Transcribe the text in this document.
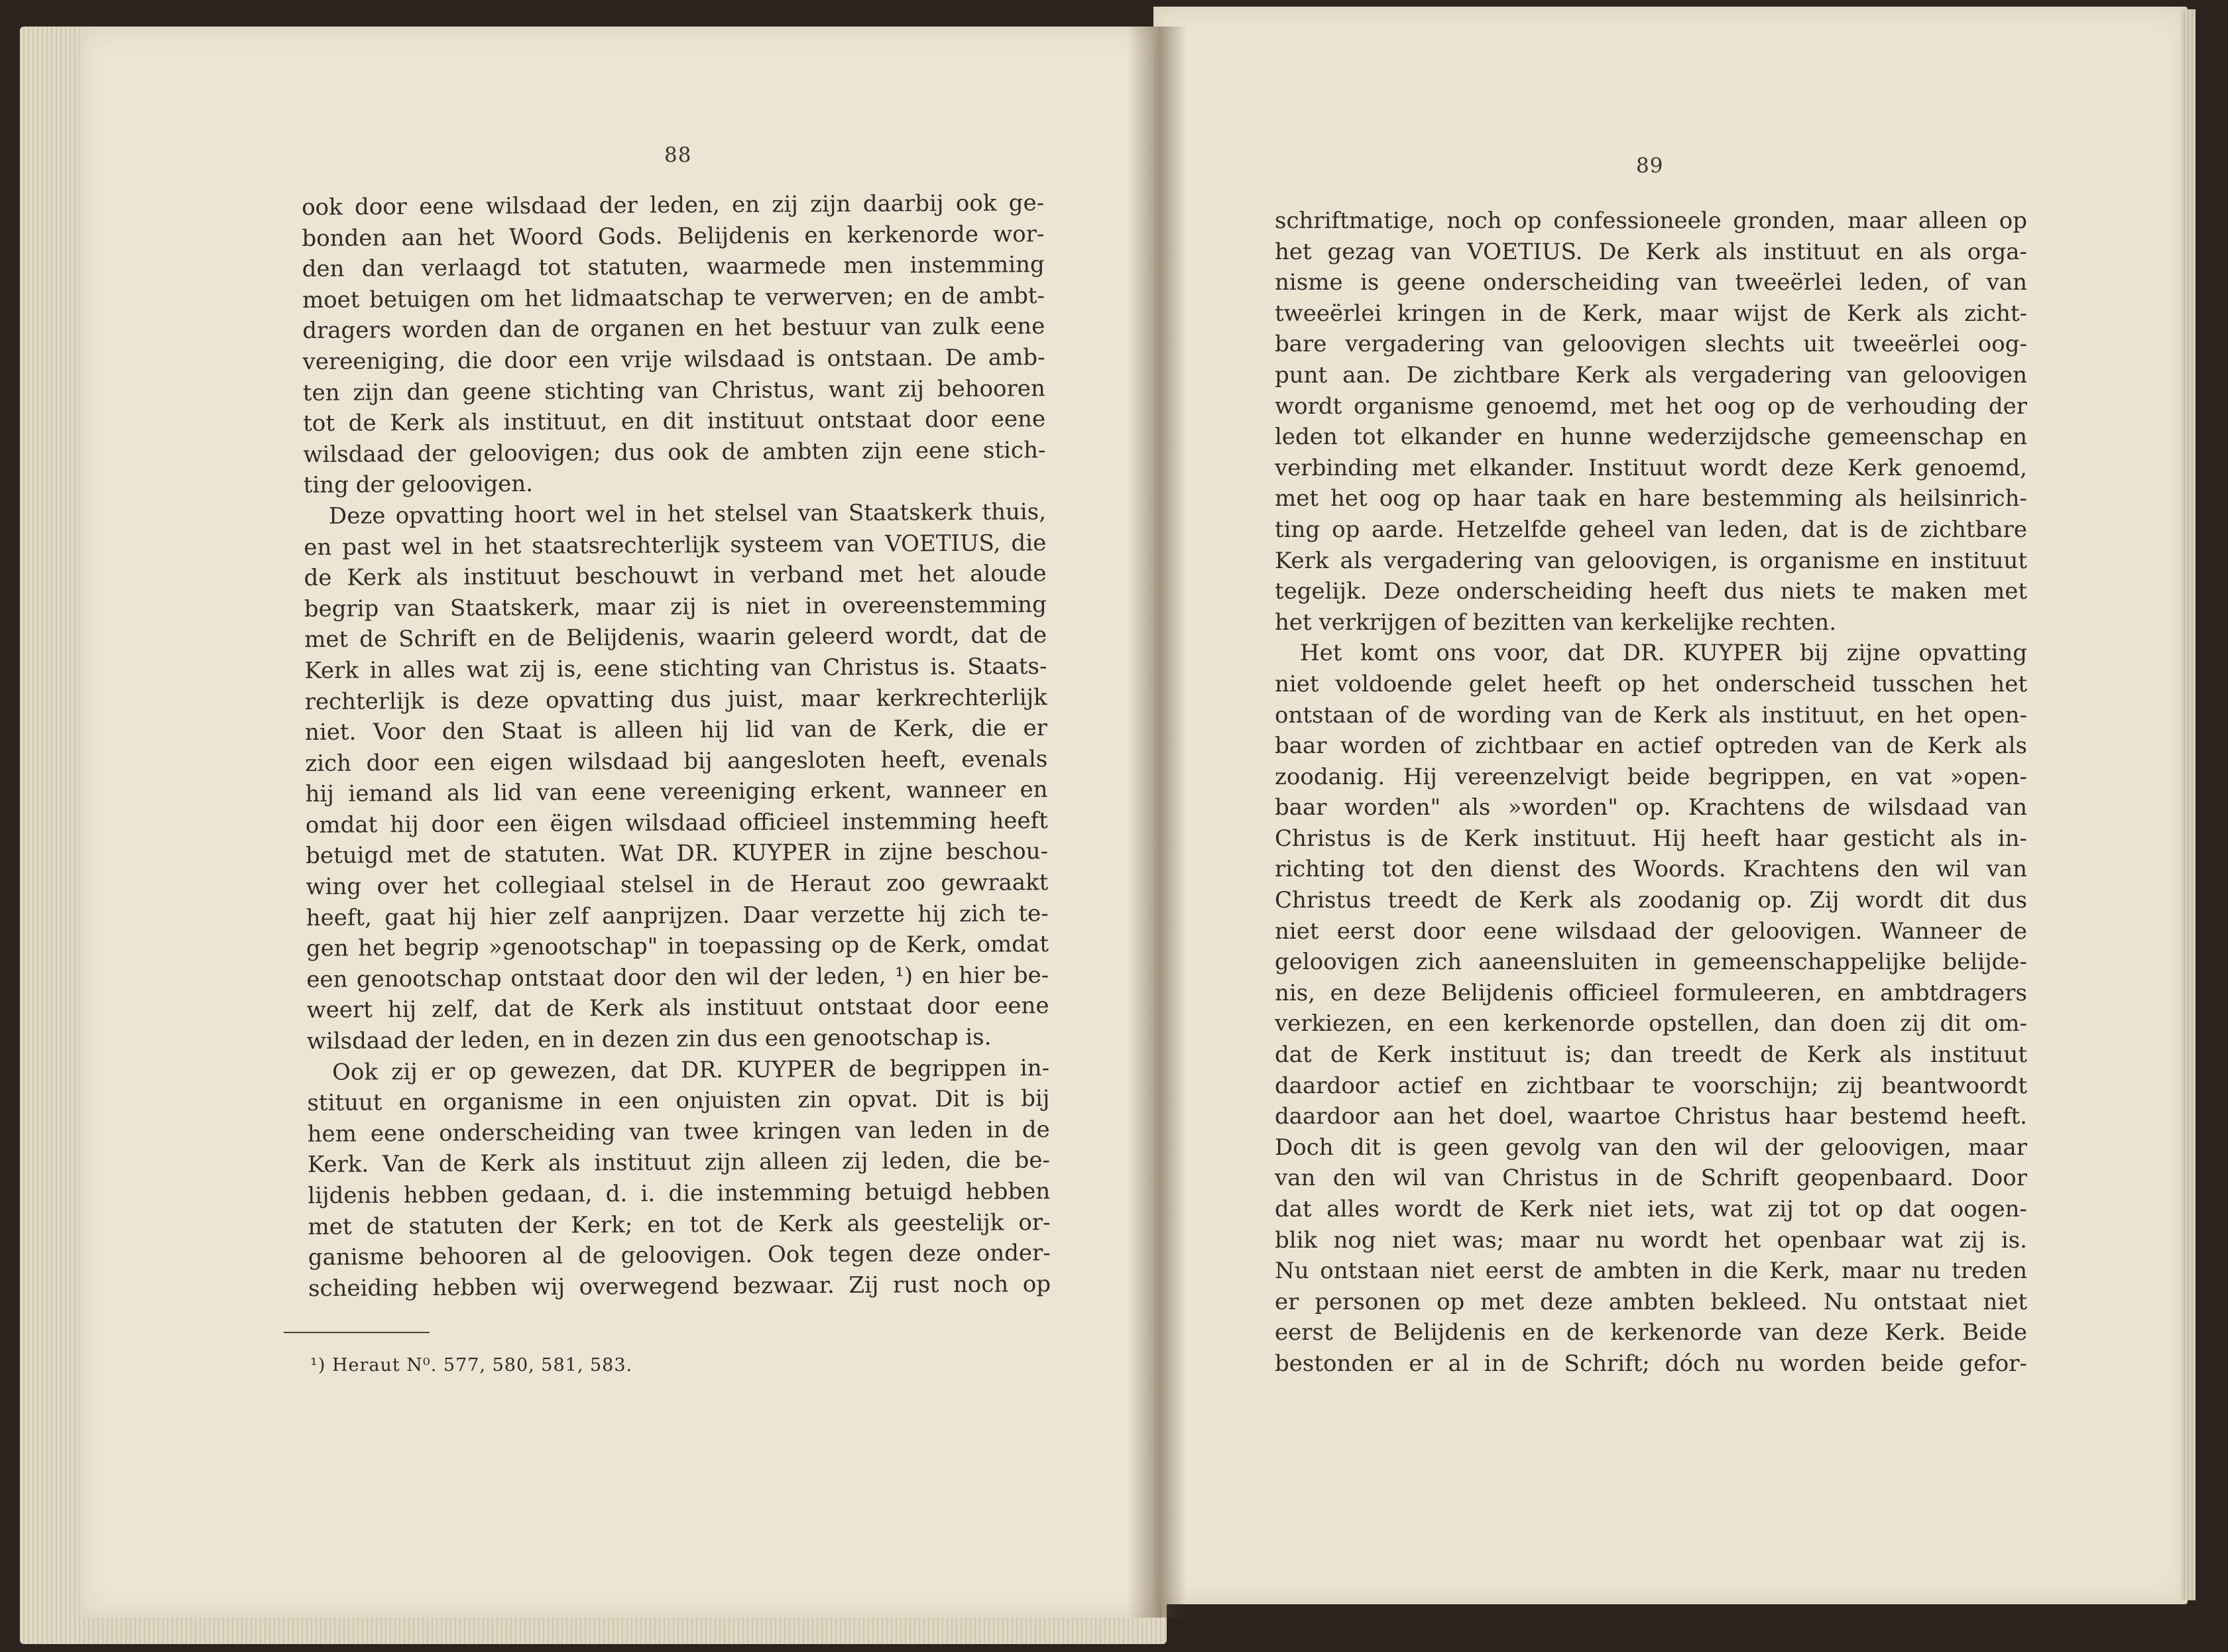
88	89
ook door eene wilsdaad der leden, en zij zijn daarbij ook ge-
bonden aan het Woord Gods. Belijdenis en kerkenorde wor-
den dan verlaagd tot statuten, waarmede men instemming
moet betuigen om het lidmaatschap te verwerven; en de ambt-
dragers worden dan de organen en het bestuur van zulk eene
vereeniging, die door een vrije wilsdaad is ontstaan. De amb-
ten zijn dan geene stichting van Christus, want zij behooren
tot de Kerk als instituut, en dit instituut ontstaat door eene
wilsdaad der geloovigen; dus ook de ambten zijn eene stich-
ting der geloovigen.
Deze opvatting hoort wel in het stelsel van Staatskerk thuis,
en past wel in het staatsrechterlijk systeem van VOETIUS, die
de Kerk als instituut beschouwt in verband met het aloude
begrip van Staatskerk, maar zij is niet in overeenstemming
met de Schrift en de Belijdenis, waarin geleerd wordt, dat de
Kerk in alles wat zij is, eene stichting van Christus is. Staats-
rechterlijk is deze opvatting dus juist, maar kerkrechterlijk
niet. Voor den Staat is alleen hij lid van de Kerk, die er
zich door een eigen wilsdaad bij aangesloten heeft, evenals
hij iemand als lid van eene vereeniging erkent, wanneer en
omdat hij door een ëigen wilsdaad officieel instemming heeft
betuigd met de statuten. Wat DR. KUYPER in zijne beschou-
wing over het collegiaal stelsel in de Heraut zoo gewraakt
heeft, gaat hij hier zelf aanprijzen. Daar verzette hij zich te-
gen het begrip »genootschap" in toepassing op de Kerk, omdat
een genootschap ontstaat door den wil der leden, ¹) en hier be-
weert hij zelf, dat de Kerk als instituut ontstaat door eene
wilsdaad der leden, en in dezen zin dus een genootschap is.
Ook zij er op gewezen, dat DR. KUYPER de begrippen in-
stituut en organisme in een onjuisten zin opvat. Dit is bij
hem eene onderscheiding van twee kringen van leden in de
Kerk. Van de Kerk als instituut zijn alleen zij leden, die be-
lijdenis hebben gedaan, d. i. die instemming betuigd hebben
met de statuten der Kerk; en tot de Kerk als geestelijk or-
ganisme behooren al de geloovigen. Ook tegen deze onder-
scheiding hebben wij overwegend bezwaar. Zij rust noch op
¹) Heraut N⁰. 577, 580, 581, 583.
schriftmatige, noch op confessioneele gronden, maar alleen op
het gezag van VOETIUS. De Kerk als instituut en als orga-
nisme is geene onderscheiding van tweeërlei leden, of van
tweeërlei kringen in de Kerk, maar wijst de Kerk als zicht-
bare vergadering van geloovigen slechts uit tweeërlei oog-
punt aan. De zichtbare Kerk als vergadering van geloovigen
wordt organisme genoemd, met het oog op de verhouding der
leden tot elkander en hunne wederzijdsche gemeenschap en
verbinding met elkander. Instituut wordt deze Kerk genoemd,
met het oog op haar taak en hare bestemming als heilsinrich-
ting op aarde. Hetzelfde geheel van leden, dat is de zichtbare
Kerk als vergadering van geloovigen, is organisme en instituut
tegelijk. Deze onderscheiding heeft dus niets te maken met
het verkrijgen of bezitten van kerkelijke rechten.
Het komt ons voor, dat DR. KUYPER bij zijne opvatting
niet voldoende gelet heeft op het onderscheid tusschen het
ontstaan of de wording van de Kerk als instituut, en het open-
baar worden of zichtbaar en actief optreden van de Kerk als
zoodanig. Hij vereenzelvigt beide begrippen, en vat »open-
baar worden" als »worden" op. Krachtens de wilsdaad van
Christus is de Kerk instituut. Hij heeft haar gesticht als in-
richting tot den dienst des Woords. Krachtens den wil van
Christus treedt de Kerk als zoodanig op. Zij wordt dit dus
niet eerst door eene wilsdaad der geloovigen. Wanneer de
geloovigen zich aaneensluiten in gemeenschappelijke belijde-
nis, en deze Belijdenis officieel formuleeren, en ambtdragers
verkiezen, en een kerkenorde opstellen, dan doen zij dit om-
dat de Kerk instituut is; dan treedt de Kerk als instituut
daardoor actief en zichtbaar te voorschijn; zij beantwoordt
daardoor aan het doel, waartoe Christus haar bestemd heeft.
Doch dit is geen gevolg van den wil der geloovigen, maar
van den wil van Christus in de Schrift geopenbaard. Door
dat alles wordt de Kerk niet iets, wat zij tot op dat oogen-
blik nog niet was; maar nu wordt het openbaar wat zij is.
Nu ontstaan niet eerst de ambten in die Kerk, maar nu treden
er personen op met deze ambten bekleed. Nu ontstaat niet
eerst de Belijdenis en de kerkenorde van deze Kerk. Beide
bestonden er al in de Schrift; dóch nu worden beide gefor-
